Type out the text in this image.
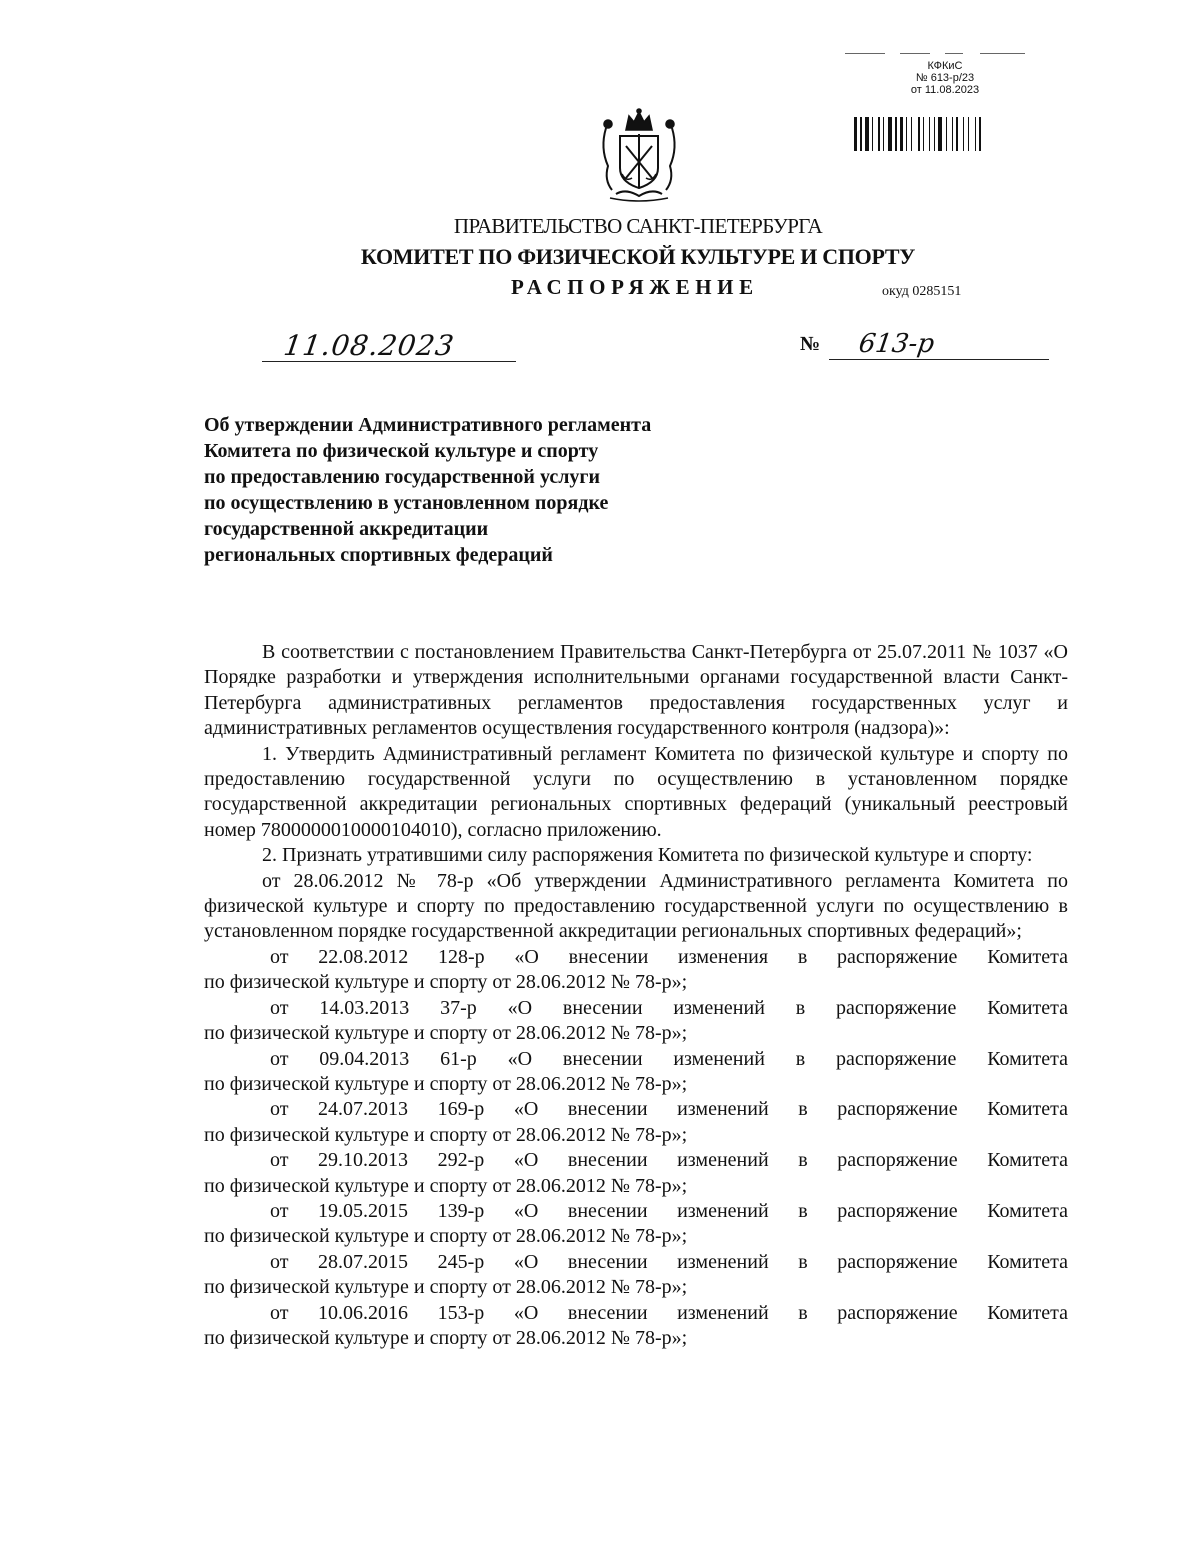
КФКиС
№ 613-р/23
от 11.08.2023
ПРАВИТЕЛЬСТВО САНКТ-ПЕТЕРБУРГА
КОМИТЕТ ПО ФИЗИЧЕСКОЙ КУЛЬТУРЕ И СПОРТУ
РАСПОРЯЖЕНИЕ	окуд 0285151
11.08.2023	№ 613-р
Об утверждении Административного регламента
Комитета по физической культуре и спорту
по предоставлению государственной услуги
по осуществлению в установленном порядке
государственной аккредитации
региональных спортивных федераций

В соответствии с постановлением Правительства Санкт-Петербурга от 25.07.2011 № 1037 «О Порядке разработки и утверждения исполнительными органами государственной власти Санкт-Петербурга административных регламентов предоставления государственных услуг и административных регламентов осуществления государственного контроля (надзора)»:

1. Утвердить Административный регламент Комитета по физической культуре и спорту по предоставлению государственной услуги по осуществлению в установленном порядке государственной аккредитации региональных спортивных федераций (уникальный реестровый номер 7800000010000104010), согласно приложению.

2. Признать утратившими силу распоряжения Комитета по физической культуре и спорту:

от 28.06.2012 № 78-р «Об утверждении Административного регламента Комитета по физической культуре и спорту по предоставлению государственной услуги по осуществлению в установленном порядке государственной аккредитации региональных спортивных федераций»;

от 22.08.2012 128-р «О внесении изменения в распоряжение Комитета

по физической культуре и спорту от 28.06.2012 № 78-р»;

от 14.03.2013 37-р «О внесении изменений в распоряжение Комитета

по физической культуре и спорту от 28.06.2012 № 78-р»;

от 09.04.2013 61-р «О внесении изменений в распоряжение Комитета

по физической культуре и спорту от 28.06.2012 № 78-р»;

от 24.07.2013 169-р «О внесении изменений в распоряжение Комитета

по физической культуре и спорту от 28.06.2012 № 78-р»;

от 29.10.2013 292-р «О внесении изменений в распоряжение Комитета

по физической культуре и спорту от 28.06.2012 № 78-р»;

от 19.05.2015 139-р «О внесении изменений в распоряжение Комитета

по физической культуре и спорту от 28.06.2012 № 78-р»;

от 28.07.2015 245-р «О внесении изменений в распоряжение Комитета

по физической культуре и спорту от 28.06.2012 № 78-р»;

от 10.06.2016 153-р «О внесении изменений в распоряжение Комитета

по физической культуре и спорту от 28.06.2012 № 78-р»;
